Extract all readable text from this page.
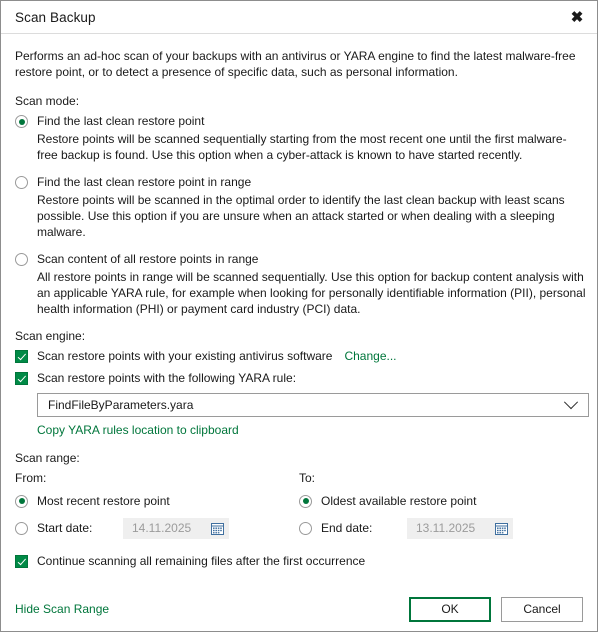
Scan Backup	✖

Performs an ad-hoc scan of your backups with an antivirus or YARA engine to find the latest malware-free restore point, or to detect a presence of specific data, such as personal information.

Scan mode:
Find the last clean restore point
Restore points will be scanned sequentially starting from the most recent one until the first malware-free backup is found. Use this option when a cyber-attack is known to have started recently.
Find the last clean restore point in range
Restore points will be scanned in the optimal order to identify the last clean backup with least scans possible. Use this option if you are unsure when an attack started or when dealing with a sleeping malware.
Scan content of all restore points in range
All restore points in range will be scanned sequentially. Use this option for backup content analysis with an applicable YARA rule, for example when looking for personally identifiable information (PII), personal health information (PHI) or payment card industry (PCI) data.
Scan engine:
Scan restore points with your existing antivirus software Change...
Scan restore points with the following YARA rule:
FindFileByParameters.yara
Copy YARA rules location to clipboard
Scan range:
From:
Most recent restore point
Start date:	14.11.2025
To:
Oldest available restore point
End date:	13.11.2025
Continue scanning all remaining files after the first occurrence
Hide Scan Range	OK	Cancel
